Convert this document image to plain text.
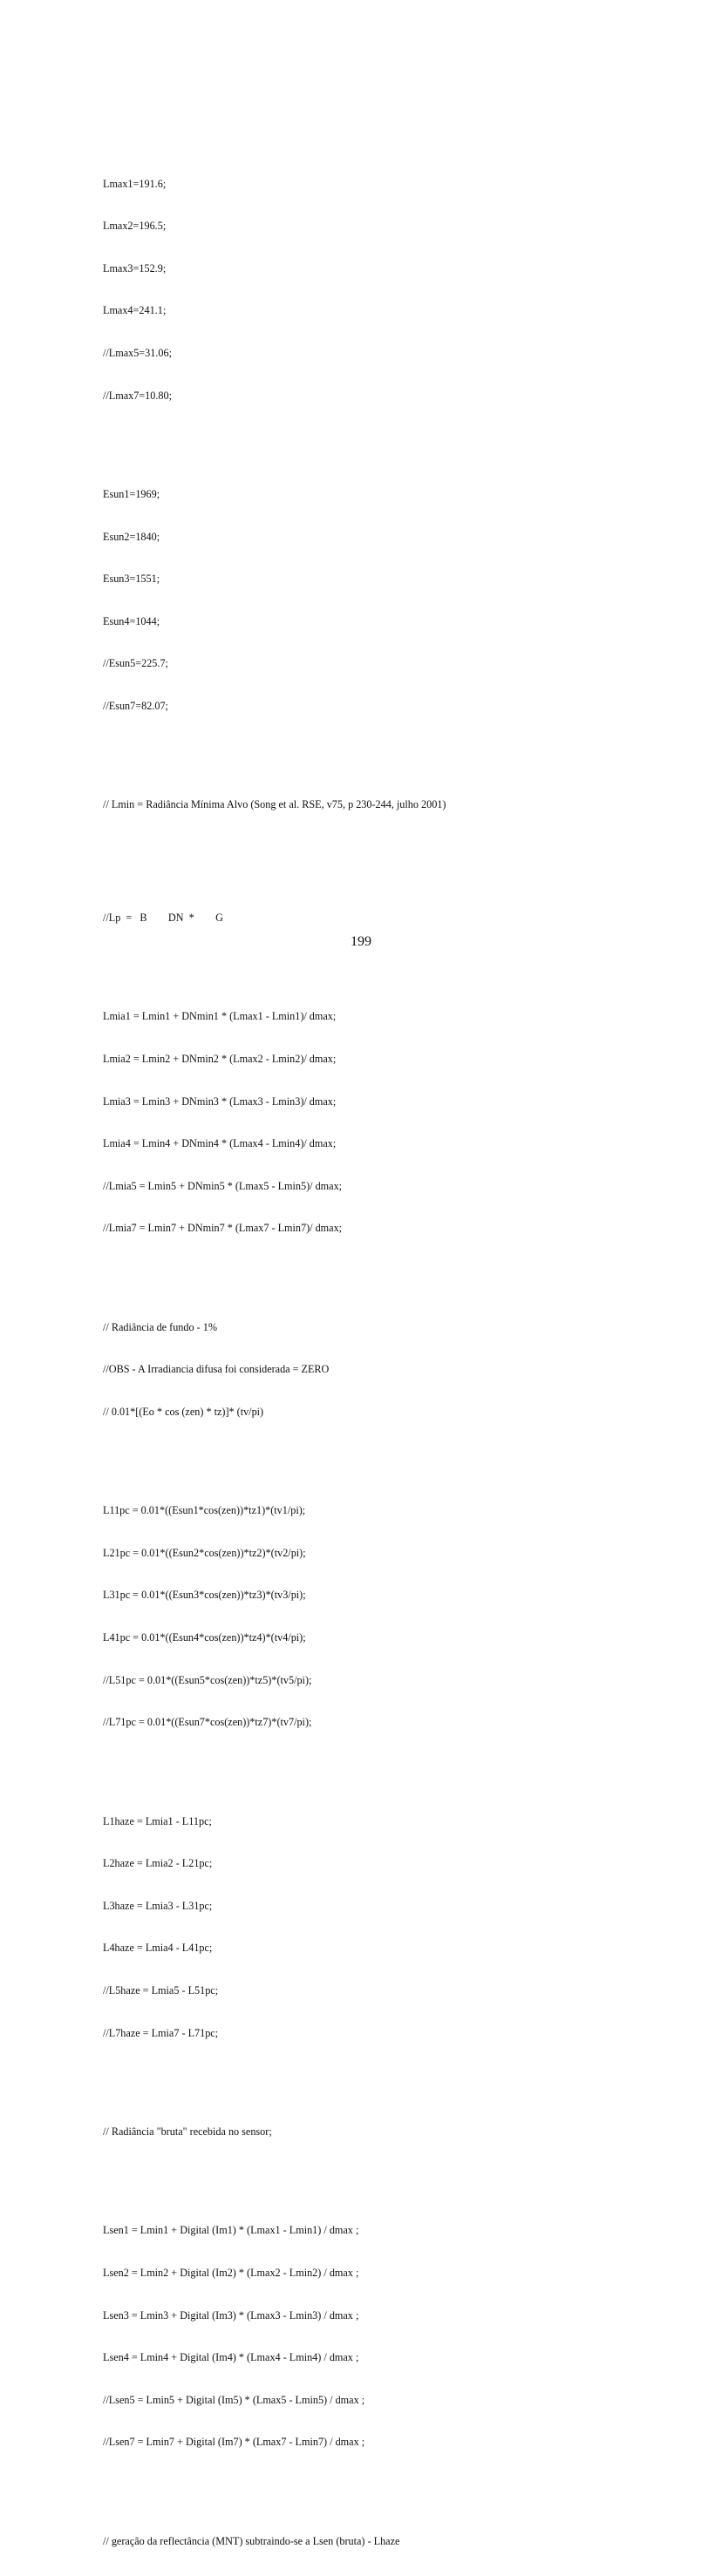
Lmax1=191.6;

Lmax2=196.5;

Lmax3=152.9;

Lmax4=241.1;

//Lmax5=31.06;

//Lmax7=10.80;

Esun1=1969;

Esun2=1840;

Esun3=1551;

Esun4=1044;

//Esun5=225.7;

//Esun7=82.07;

// Lmin = Radiância Mínima Alvo (Song et al. RSE, v75, p 230-244, julho 2001)

//Lp  =   B        DN  *        G

Lmia1 = Lmin1 + DNmin1 * (Lmax1 - Lmin1)/ dmax;

Lmia2 = Lmin2 + DNmin2 * (Lmax2 - Lmin2)/ dmax;

Lmia3 = Lmin3 + DNmin3 * (Lmax3 - Lmin3)/ dmax;

Lmia4 = Lmin4 + DNmin4 * (Lmax4 - Lmin4)/ dmax;

//Lmia5 = Lmin5 + DNmin5 * (Lmax5 - Lmin5)/ dmax;

//Lmia7 = Lmin7 + DNmin7 * (Lmax7 - Lmin7)/ dmax;

// Radiância de fundo - 1%

//OBS - A Irradiancia difusa foi considerada = ZERO

// 0.01*[(Eo * cos (zen) * tz)]* (tv/pi)

L11pc = 0.01*((Esun1*cos(zen))*tz1)*(tv1/pi);

L21pc = 0.01*((Esun2*cos(zen))*tz2)*(tv2/pi);

L31pc = 0.01*((Esun3*cos(zen))*tz3)*(tv3/pi);

L41pc = 0.01*((Esun4*cos(zen))*tz4)*(tv4/pi);

//L51pc = 0.01*((Esun5*cos(zen))*tz5)*(tv5/pi);

//L71pc = 0.01*((Esun7*cos(zen))*tz7)*(tv7/pi);

L1haze = Lmia1 - L11pc;

L2haze = Lmia2 - L21pc;

L3haze = Lmia3 - L31pc;

L4haze = Lmia4 - L41pc;

//L5haze = Lmia5 - L51pc;

//L7haze = Lmia7 - L71pc;

// Radiância "bruta" recebida no sensor;

Lsen1 = Lmin1 + Digital (Im1) * (Lmax1 - Lmin1) / dmax ;

Lsen2 = Lmin2 + Digital (Im2) * (Lmax2 - Lmin2) / dmax ;

Lsen3 = Lmin3 + Digital (Im3) * (Lmax3 - Lmin3) / dmax ;

Lsen4 = Lmin4 + Digital (Im4) * (Lmax4 - Lmin4) / dmax ;

//Lsen5 = Lmin5 + Digital (Im5) * (Lmax5 - Lmin5) / dmax ;

//Lsen7 = Lmin7 + Digital (Im7) * (Lmax7 - Lmin7) / dmax ;

// geração da reflectância (MNT) subtraindo-se a Lsen (bruta) - Lhaze

199
